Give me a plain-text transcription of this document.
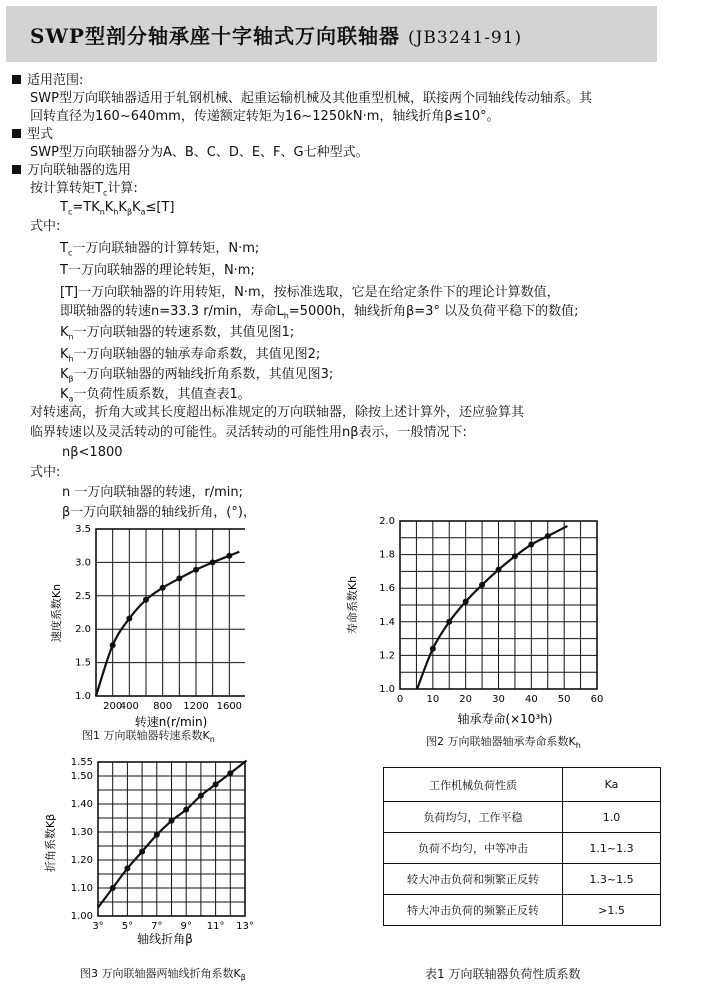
SWP型剖分轴承座十字轴式万向联轴器 (JB3241-91)
适用范围:
SWP型万向联轴器适用于轧钢机械、起重运输机械及其他重型机械，联接两个同轴线传动轴系。其
回转直径为160~640mm，传递额定转矩为16~1250kN·m，轴线折角β≤10°。
型式
SWP型万向联轴器分为A、B、C、D、E、F、G七种型式。
万向联轴器的选用
按计算转矩$T_c$计算:
$T_c=TK_nK_hK_\beta K_a\le[T]$
式中:
$T_c$一万向联轴器的计算转矩，N·m;
T一万向联轴器的理论转矩，N·m;
[T]一万向联轴器的许用转矩，N·m，按标准选取，它是在给定条件下的理论计算数值，
即联轴器的转速n=33.3 r/min，寿命$L_h=5000h$，轴线折角β=3° 以及负荷平稳下的数值;
$K_n$一万向联轴器的转速系数，其值见图1;
$K_h$一万向联轴器的轴承寿命系数，其值见图2;
$K_\beta$一万向联轴器的两轴线折角系数，其值见图3;
$K_a$一负荷性质系数，其值查表1。
对转速高，折角大或其长度超出标准规定的万向联轴器，除按上述计算外，还应验算其
临界转速以及灵活转动的可能性。灵活转动的可能性用nβ表示，一般情况下:
nβ<1800
式中:
n 一万向联轴器的转速，r/min;
β一万向联轴器的轴线折角，(°)，
200
400 800 1200 1600
1.0
1.5
2.0
2.5
3.0
3.5
转速n(r/min)
速度系数Kn
图1 万向联轴器转速系数$K_n$
0 10 20 30 40 50 60
1.0
1.2
1.4
1.6
1.8
2.0
轴承寿命(×10³h)
寿命系数Kh
图2 万向联轴器轴承寿命系数$K_h$
3° 5° 7° 9° 11° 13°
1.00
1.10
1.20
1.30
1.40
1.50
1.55
轴线折角β
折角系数Kβ
图3 万向联轴器两轴线折角系数$K_\beta$
工作机械负荷性质	Ka
负荷均匀，工作平稳	1.0
负荷不均匀，中等冲击	1.1~1.3
较大冲击负荷和频繁正反转	1.3~1.5
特大冲击负荷的频繁正反转	>1.5
表1 万向联轴器负荷性质系数
